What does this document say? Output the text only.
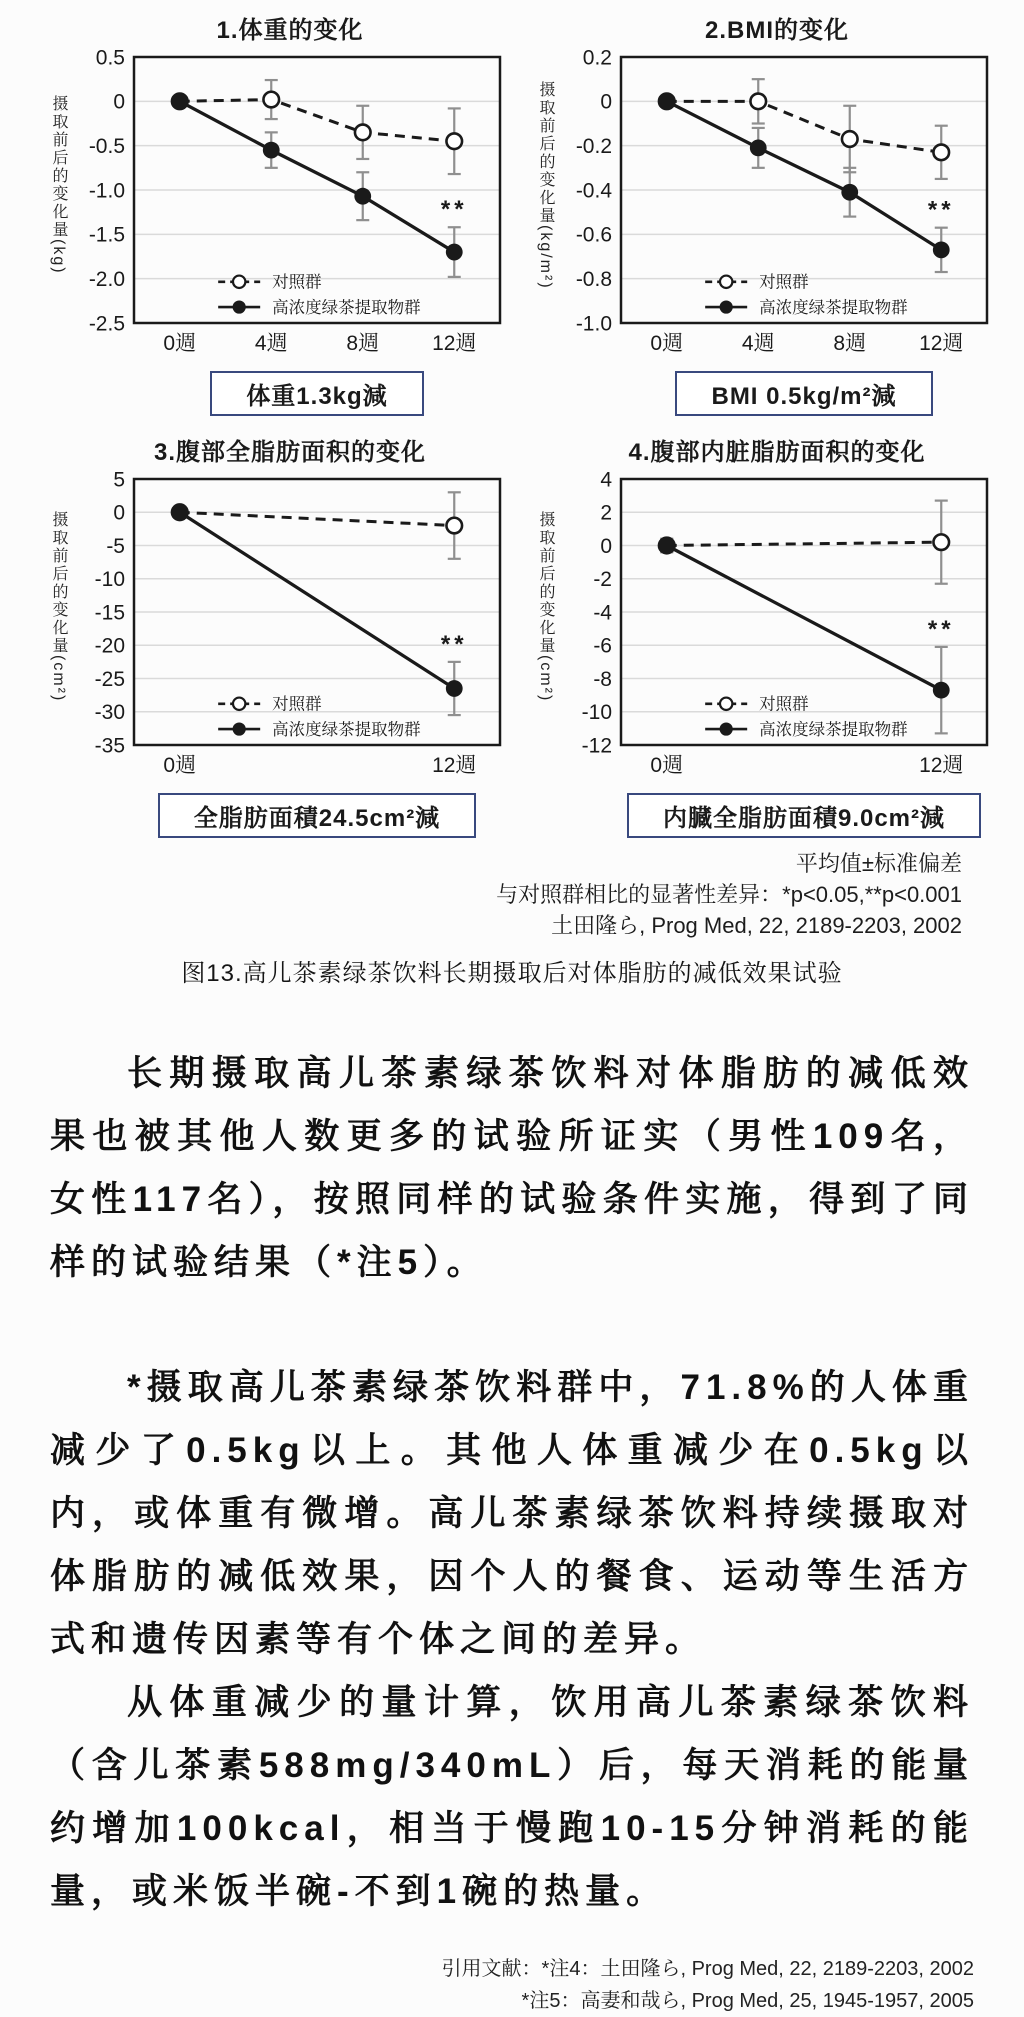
1.体重的变化
摄取前后的变化量(kg)
0.5
0
-0.5
-1.0
-1.5
-2.0
-2.5
0週	4週	8週	12週
**
对照群
高浓度绿茶提取物群
体重1.3kg減
2.BMI的变化
摄取前后的变化量(kg/m²)
0.2
0
-0.2
-0.4
-0.6
-0.8
-1.0
0週	4週	8週	12週
**
对照群
高浓度绿茶提取物群
BMI 0.5kg/m²減
3.腹部全脂肪面积的变化
摄取前后的变化量(cm²)
5
0
-5
-10
-15
-20
-25
-30
-35
0週	12週
**
对照群
高浓度绿茶提取物群
全脂肪面積24.5cm²減
4.腹部内脏脂肪面积的变化
摄取前后的变化量(cm²)
4
2
0
-2
-4
-6
-8
-10
-12
0週	12週
**
对照群
高浓度绿茶提取物群
内臓全脂肪面積9.0cm²減
平均值±标准偏差
与对照群相比的显著性差异：*p<0.05,**p<0.001
土田隆ら, Prog Med, 22, 2189-2203, 2002
图13.高儿茶素绿茶饮料长期摄取后对体脂肪的减低效果试验

长期摄取高儿茶素绿茶饮料对体脂肪的减低效果也被其他人数更多的试验所证实（男性109名，女性117名），按照同样的试验条件实施，得到了同样的试验结果（*注5）。

*摄取高儿茶素绿茶饮料群中，71.8%的人体重减少了0.5kg以上。其他人体重减少在0.5kg以内，或体重有微增。高儿茶素绿茶饮料持续摄取对体脂肪的减低效果，因个人的餐食、运动等生活方式和遗传因素等有个体之间的差异。

从体重减少的量计算，饮用高儿茶素绿茶饮料（含儿茶素588mg/340mL）后，每天消耗的能量约增加100kcal，相当于慢跑10-15分钟消耗的能量，或米饭半碗-不到1碗的热量。

引用文献：*注4：土田隆ら, Prog Med, 22, 2189-2203, 2002
*注5：高妻和哉ら, Prog Med, 25, 1945-1957, 2005
